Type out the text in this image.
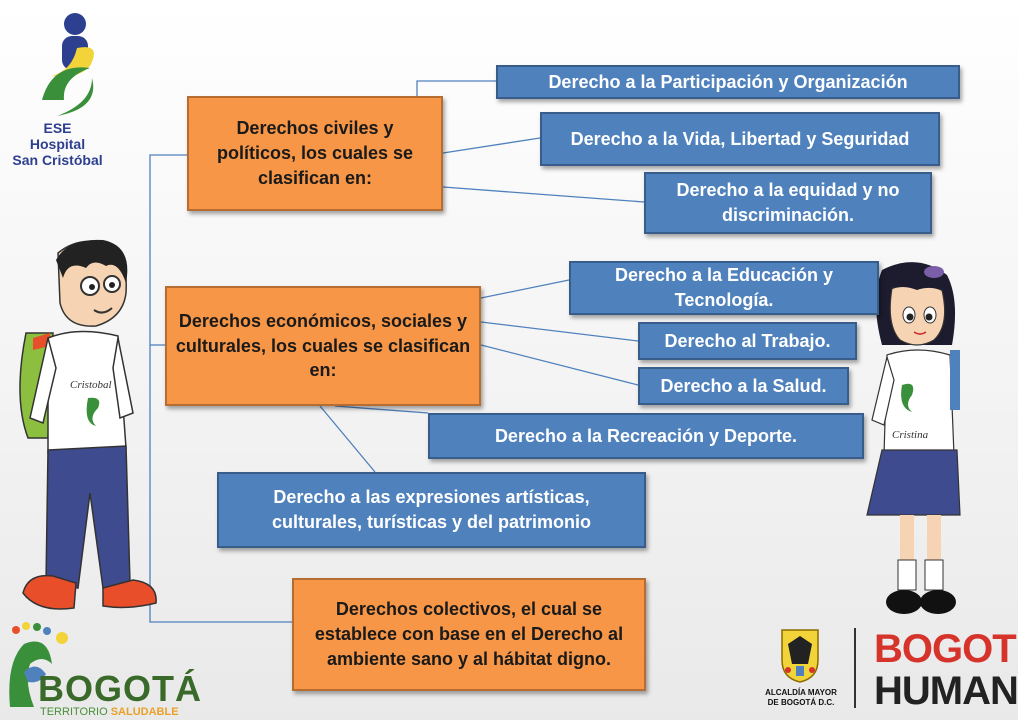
ESE
Hospital
San Cristóbal
Cristobal
Cristina
Derechos civiles y políticos, los cuales se clasifican en:
Derechos económicos, sociales y culturales, los cuales se clasifican en:
Derechos colectivos, el cual se establece con base en el Derecho al ambiente sano y al hábitat digno.
Derecho a la Participación y Organización
Derecho a la Vida, Libertad y Seguridad
Derecho a la equidad y no discriminación.
Derecho a la Educación y Tecnología.
Derecho al Trabajo.
Derecho a la Salud.
Derecho a la Recreación y Deporte.
Derecho a las expresiones artísticas, culturales, turísticas y del patrimonio
BOGOTÁ
TERRITORIO SALUDABLE
ALCALDÍA MAYOR
DE BOGOTÁ D.C.
BOGOT
HUMAN
